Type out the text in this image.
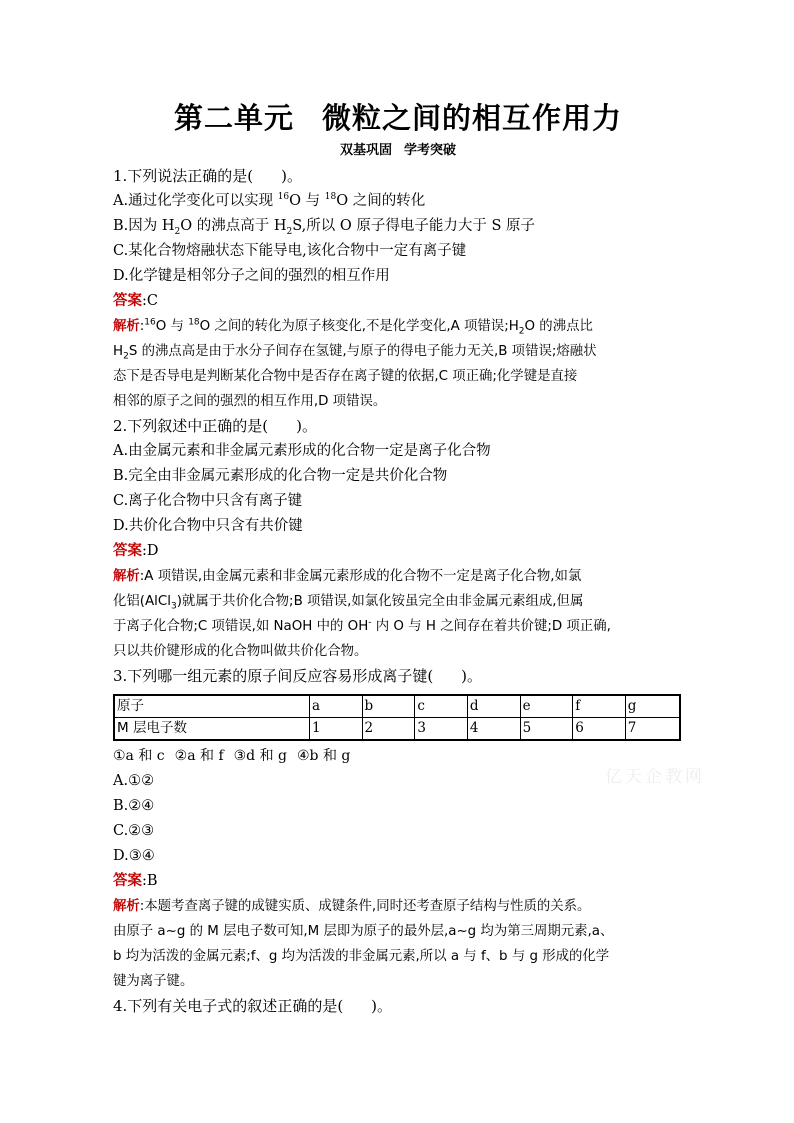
第二单元 微粒之间的相互作用力

双基巩固 学考突破

1.下列说法正确的是( )。

A.通过化学变化可以实现 $^{16}$O 与 $^{18}$O 之间的转化

B.因为 $H_2O$ 的沸点高于 $H_2S$,所以 O 原子得电子能力大于 S 原子

C.某化合物熔融状态下能导电,该化合物中一定有离子键

D.化学键是相邻分子之间的强烈的相互作用

答案:C

解析:$^{16}$O 与 $^{18}$O 之间的转化为原子核变化,不是化学变化,A 项错误$;H_2O$ 的沸点比

$H_2S$ 的沸点高是由于水分子间存在氢键,与原子的得电子能力无关,B 项错误;熔融状

态下是否导电是判断某化合物中是否存在离子键的依据,C 项正确;化学键是直接

相邻的原子之间的强烈的相互作用,D 项错误。

2.下列叙述中正确的是( )。

A.由金属元素和非金属元素形成的化合物一定是离子化合物

B.完全由非金属元素形成的化合物一定是共价化合物

C.离子化合物中只含有离子键

D.共价化合物中只含有共价键

答案:D

解析:A 项错误,由金属元素和非金属元素形成的化合物不一定是离子化合物,如氯

化铝(AlCl$_3$)就属于共价化合物;B 项错误,如氯化铵虽完全由非金属元素组成,但属

于离子化合物;C 项错误,如 NaOH 中的 OH- 内 O 与 H 之间存在着共价键;D 项正确,

只以共价键形成的化合物叫做共价化合物。

3.下列哪一组元素的原子间反应容易形成离子键( )。

原子	a	b	c	d	e	f	g
M 层电子数	1	2	3	4	5	6	7

①a 和 c ②a 和 f ③d 和 g ④b 和 g

A.①②

B.②④

C.②③

D.③④

答案:B

解析:本题考查离子键的成键实质、成键条件,同时还考查原子结构与性质的关系。

由原子 a~g 的 M 层电子数可知,M 层即为原子的最外层,a~g 均为第三周期元素,a、

b 均为活泼的金属元素;f、g 均为活泼的非金属元素,所以 a 与 f、b 与 g 形成的化学

键为离子键。

4.下列有关电子式的叙述正确的是( )。

亿天企教网
